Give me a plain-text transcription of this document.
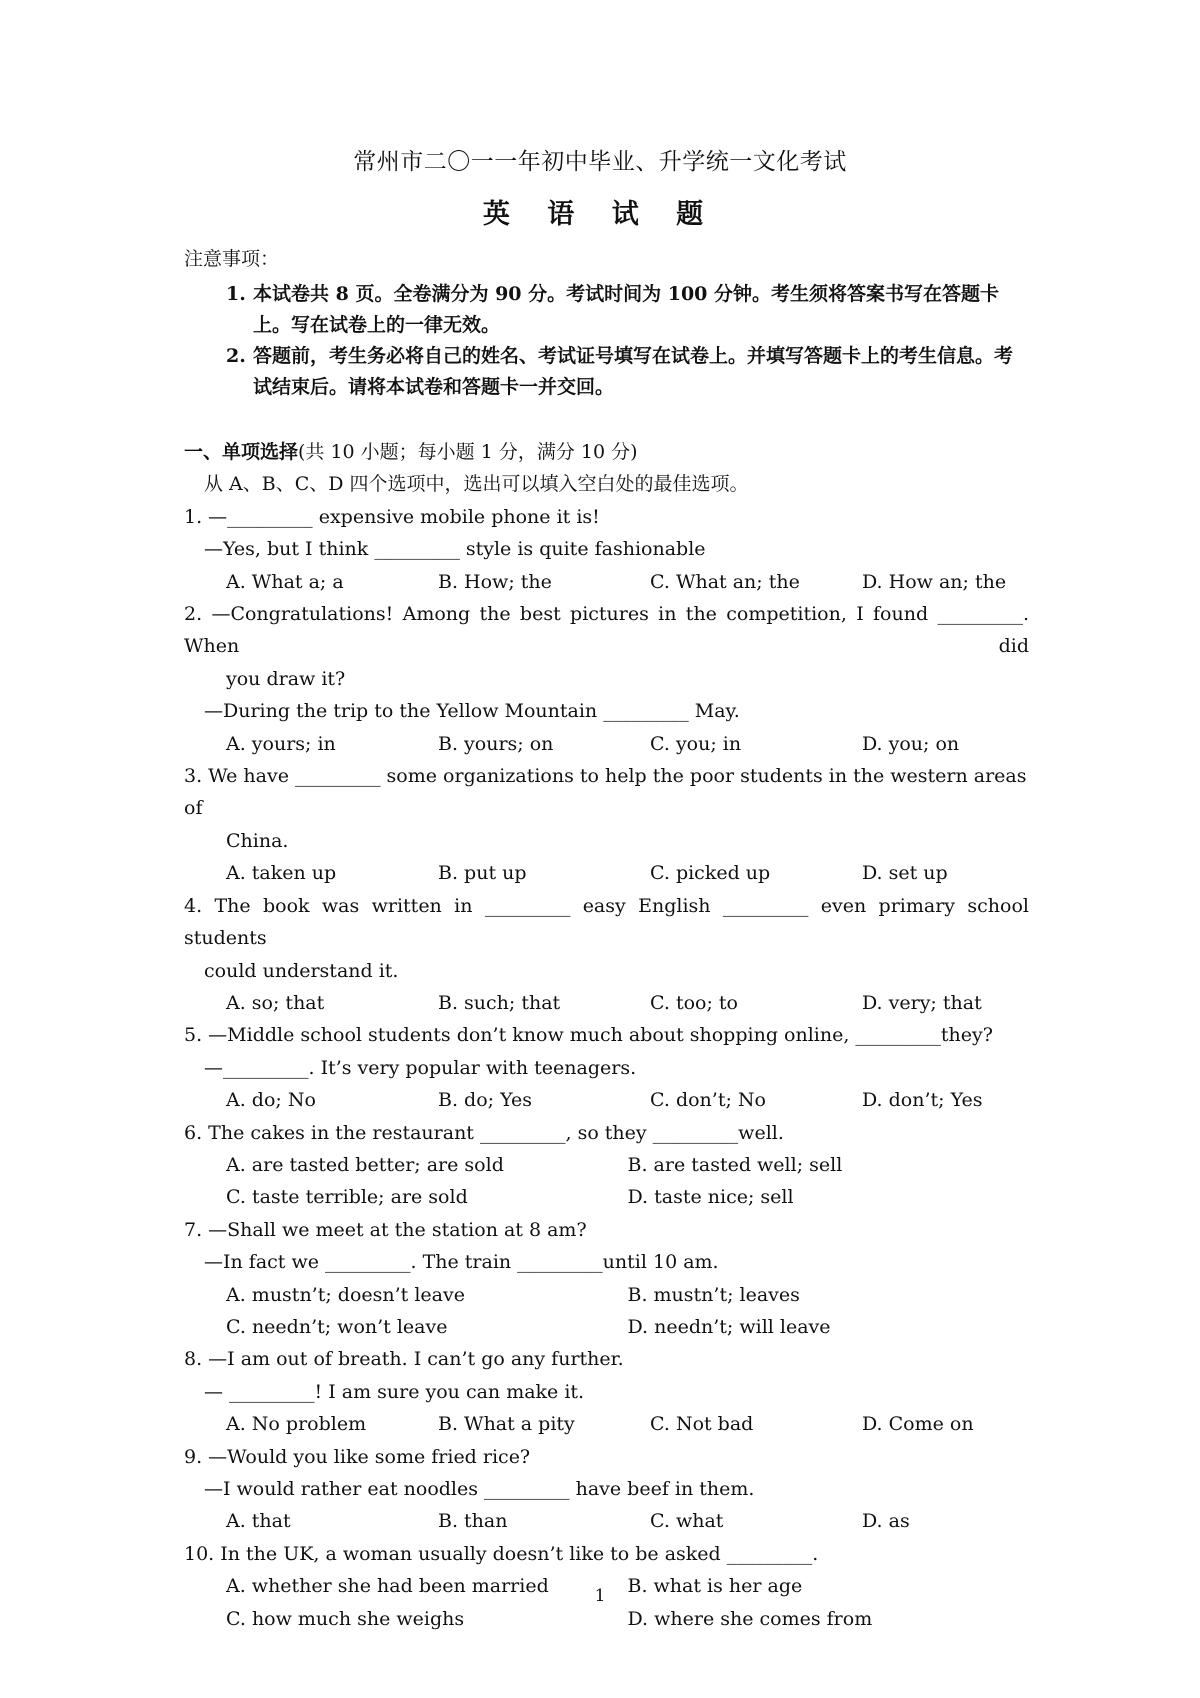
常州市二〇一一年初中毕业、升学统一文化考试
英 语 试 题
注意事项：
1. 本试卷共 8 页。全卷满分为 90 分。考试时间为 100 分钟。考生须将答案书写在答题卡上。写在试卷上的一律无效。
2. 答题前，考生务必将自己的姓名、考试证号填写在试卷上。并填写答题卡上的考生信息。考试结束后。请将本试卷和答题卡一并交回。
一、单项选择(共 10 小题；每小题 1 分，满分 10 分)
从 A、B、C、D 四个选项中，选出可以填入空白处的最佳选项。
1. —_________ expensive mobile phone it is!
—Yes, but I think _________ style is quite fashionable
A. What a; a	B. How; the	C. What an; the	D. How an; the
2. —Congratulations! Among the best pictures in the competition, I found _________. When did
you draw it?
—During the trip to the Yellow Mountain _________ May.
A. yours; in	B. yours; on	C. you; in	D. you; on
3. We have _________ some organizations to help the poor students in the western areas of
China.
A. taken up	B. put up	C. picked up	D. set up
4. The book was written in _________ easy English _________ even primary school students
could understand it.
A. so; that	B. such; that	C. too; to	D. very; that
5. —Middle school students don’t know much about shopping online, _________they?
—_________. It’s very popular with teenagers.
A. do; No	B. do; Yes	C. don’t; No	D. don’t; Yes
6. The cakes in the restaurant _________, so they _________well.
A. are tasted better; are sold	B. are tasted well; sell
C. taste terrible; are sold	D. taste nice; sell
7. —Shall we meet at the station at 8 am?
—In fact we _________. The train _________until 10 am.
A. mustn’t; doesn’t leave	B. mustn’t; leaves
C. needn’t; won’t leave	D. needn’t; will leave
8. —I am out of breath. I can’t go any further.
— _________! I am sure you can make it.
A. No problem	B. What a pity	C. Not bad	D. Come on
9. —Would you like some fried rice?
—I would rather eat noodles _________ have beef in them.
A. that	B. than	C. what	D. as
10. In the UK, a woman usually doesn’t like to be asked _________.
A. whether she had been married	B. what is her age
C. how much she weighs	D. where she comes from
1
